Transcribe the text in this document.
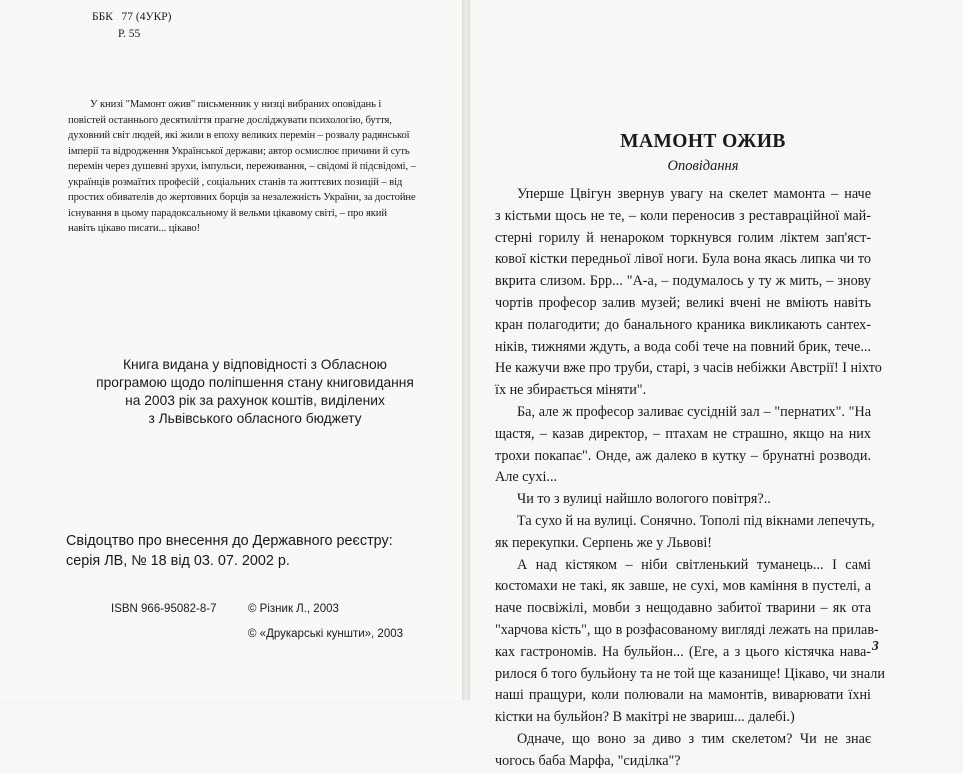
ББК   77 (4УКР)
Р. 55
У книзі "Мамонт ожив" письменник у низці вибраних оповідань і
повістей останнього десятиліття прагне досліджувати психологію, буття,
духовний світ людей, які жили в епоху великих перемін – розвалу радянської
імперії та відродження Української держави; автор осмислює причини й суть
перемін через душевні зрухи, імпульси, переживання, – свідомі й підсвідомі, –
українців розмаїтих професій , соціальних станів та життєвих позицій – від
простих обивателів до жертовних борців за незалежність України, за достойне
існування в цьому парадоксальному й вельми цікавому світі, – про який
навіть цікаво писати... цікаво!
Книга видана у відповідності з Обласною
програмою щодо поліпшення стану книговидання
на 2003 рік за рахунок коштів, виділених
з Львівського обласного бюджету
Свідоцтво про внесення до Державного реєстру:
серія ЛВ, № 18 від 03. 07. 2002 р.
ISBN 966-95082-8-7	© Різник Л., 2003
© «Друкарські куншти», 2003
МАМОНТ ОЖИВ
Оповідання
Уперше Цвігун звернув увагу на скелет мамонта – наче
з кістьми щось не те, – коли переносив з реставраційної май-
стерні горилу й ненароком торкнувся голим ліктем зап'яст-
кової кістки передньої лівої ноги. Була вона якась липка чи то
вкрита слизом. Брр... "А-а, – подумалось у ту ж мить, – знову
чортів професор залив музей; великі вчені не вміють навіть
кран полагодити; до банального краника викликають сантех-
ніків, тижнями ждуть, а вода собі тече на повний брик, тече...
Не кажучи вже про труби, старі, з часів небіжки Австрії! І ніхто
їх не збирається міняти".
Ба, але ж професор заливає сусідній зал – "пернатих". "На
щастя, – казав директор, – птахам не страшно, якщо на них
трохи покапає". Онде, аж далеко в кутку – брунатні розводи.
Але сухі...
Чи то з вулиці найшло вологого повітря?..
Та сухо й на вулиці. Сонячно. Тополі під вікнами лепечуть,
як перекупки. Серпень же у Львові!
А над кістяком – ніби світленький туманець... І самі
костомахи не такі, як завше, не сухі, мов каміння в пустелі, а
наче посвіжілі, мовби з нещодавно забитої тварини – як ота
"харчова кість", що в розфасованому вигляді лежать на прилав-
ках гастрономів. На бульйон... (Еге, а з цього кістячка нава-
рилося б того бульйону та не той ще казанище! Цікаво, чи знали
наші пращури, коли полювали на мамонтів, виварювати їхні
кістки на бульйон? В макітрі не звариш... далебі.)
Одначе, що воно за диво з тим скелетом? Чи не знає
чогось баба Марфа, "сиділка"?
3
